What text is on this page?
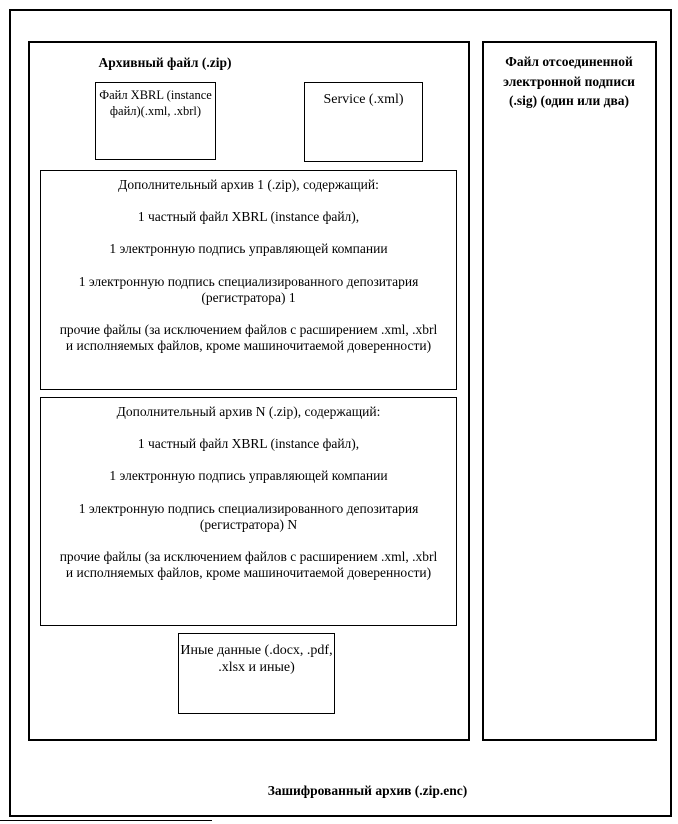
Архивный файл (.zip)
Файл XBRL (instance файл)(.xml, .xbrl)
Service (.xml)

Дополнительный архив 1 (.zip), содержащий:

1 частный файл XBRL (instance файл),

1 электронную подпись управляющей компании

1 электронную подпись специализированного депозитария (регистратора) 1

прочие файлы (за исключением файлов с расширением .xml, .xbrl и исполняемых файлов, кроме машиночитаемой доверенности)

Дополнительный архив N (.zip), содержащий:

1 частный файл XBRL (instance файл),

1 электронную подпись управляющей компании

1 электронную подпись специализированного депозитария (регистратора) N

прочие файлы (за исключением файлов с расширением .xml, .xbrl и исполняемых файлов, кроме машиночитаемой доверенности)

Иные данные (.docx, .pdf, .xlsx и иные)
Файл отсоединенной электронной подписи (.sig) (один или два)
Зашифрованный архив (.zip.enc)
